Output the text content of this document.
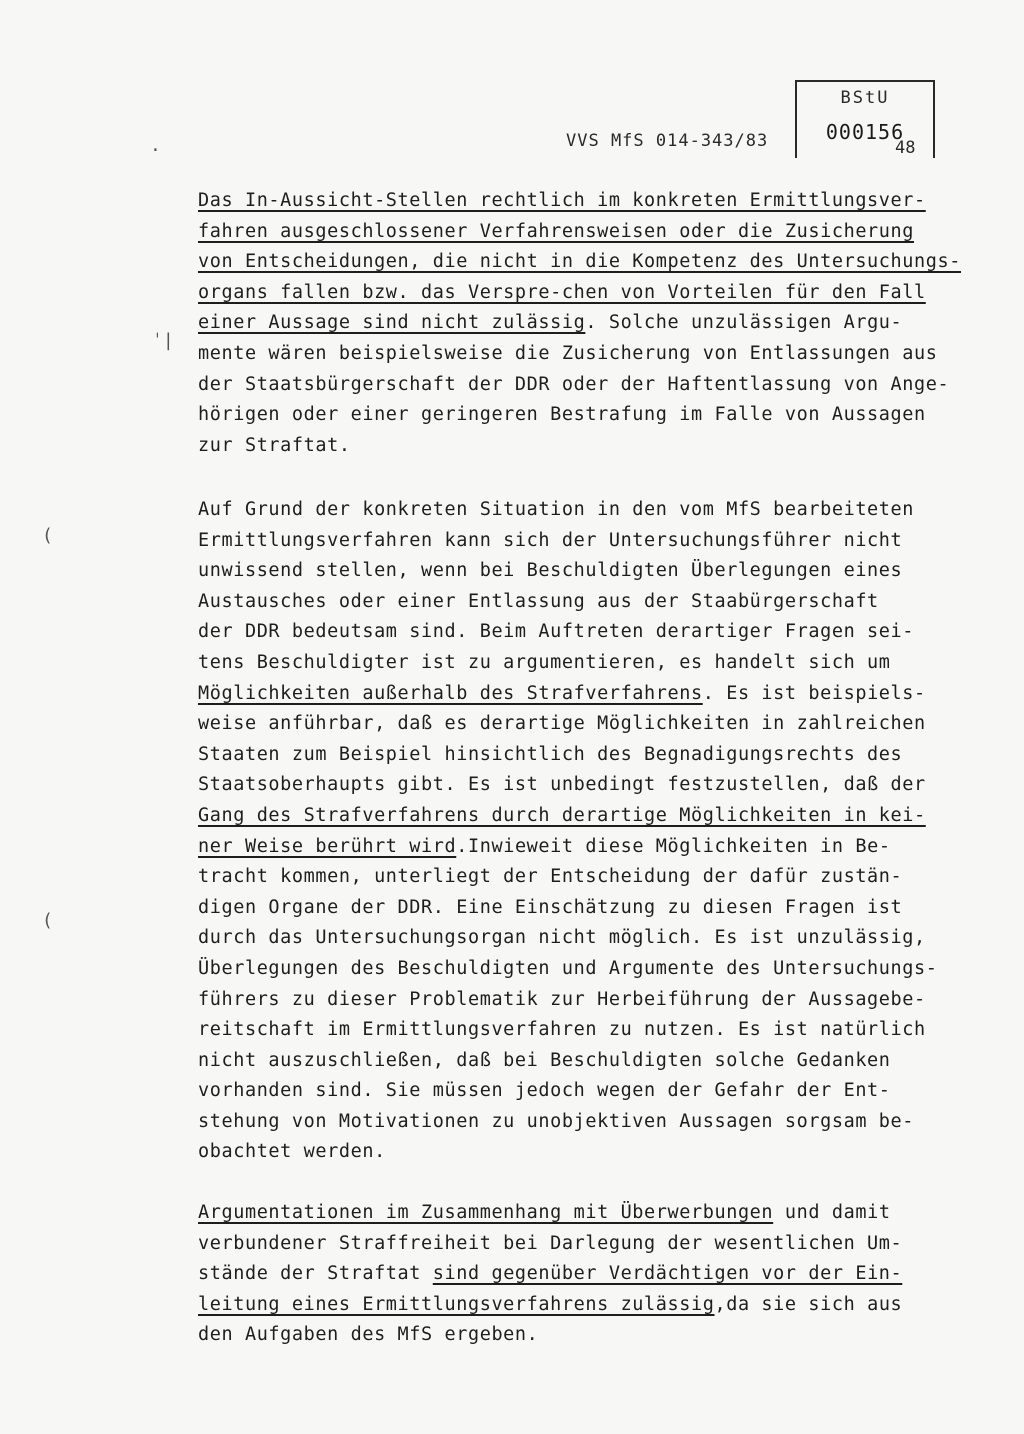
VVS MfS 014-343/83
BStU
000156
48
·
ˈ|
(
(
Das In-Aussicht-Stellen rechtlich im konkreten Ermittlungsver-
fahren ausgeschlossener Verfahrensweisen oder die Zusicherung
von Entscheidungen, die nicht in die Kompetenz des Untersuchungs-
organs fallen bzw. das Verspre-chen von Vorteilen für den Fall
einer Aussage sind nicht zulässig. Solche unzulässigen Argu-
mente wären beispielsweise die Zusicherung von Entlassungen aus
der Staatsbürgerschaft der DDR oder der Haftentlassung von Ange-
hörigen oder einer geringeren Bestrafung im Falle von Aussagen
zur Straftat.
Auf Grund der konkreten Situation in den vom MfS bearbeiteten
Ermittlungsverfahren kann sich der Untersuchungsführer nicht
unwissend stellen, wenn bei Beschuldigten Überlegungen eines
Austausches oder einer Entlassung aus der Staabürgerschaft
der DDR bedeutsam sind. Beim Auftreten derartiger Fragen sei-
tens Beschuldigter ist zu argumentieren, es handelt sich um
Möglichkeiten außerhalb des Strafverfahrens. Es ist beispiels-
weise anführbar, daß es derartige Möglichkeiten in zahlreichen
Staaten zum Beispiel hinsichtlich des Begnadigungsrechts des
Staatsoberhaupts gibt. Es ist unbedingt festzustellen, daß der
Gang des Strafverfahrens durch derartige Möglichkeiten in kei-
ner Weise berührt wird.Inwieweit diese Möglichkeiten in Be-
tracht kommen, unterliegt der Entscheidung der dafür zustän-
digen Organe der DDR. Eine Einschätzung zu diesen Fragen ist
durch das Untersuchungsorgan nicht möglich. Es ist unzulässig,
Überlegungen des Beschuldigten und Argumente des Untersuchungs-
führers zu dieser Problematik zur Herbeiführung der Aussagebe-
reitschaft im Ermittlungsverfahren zu nutzen. Es ist natürlich
nicht auszuschließen, daß bei Beschuldigten solche Gedanken
vorhanden sind. Sie müssen jedoch wegen der Gefahr der Ent-
stehung von Motivationen zu unobjektiven Aussagen sorgsam be-
obachtet werden.
Argumentationen im Zusammenhang mit Überwerbungen und damit
verbundener Straffreiheit bei Darlegung der wesentlichen Um-
stände der Straftat sind gegenüber Verdächtigen vor der Ein-
leitung eines Ermittlungsverfahrens zulässig,da sie sich aus
den Aufgaben des MfS ergeben.
